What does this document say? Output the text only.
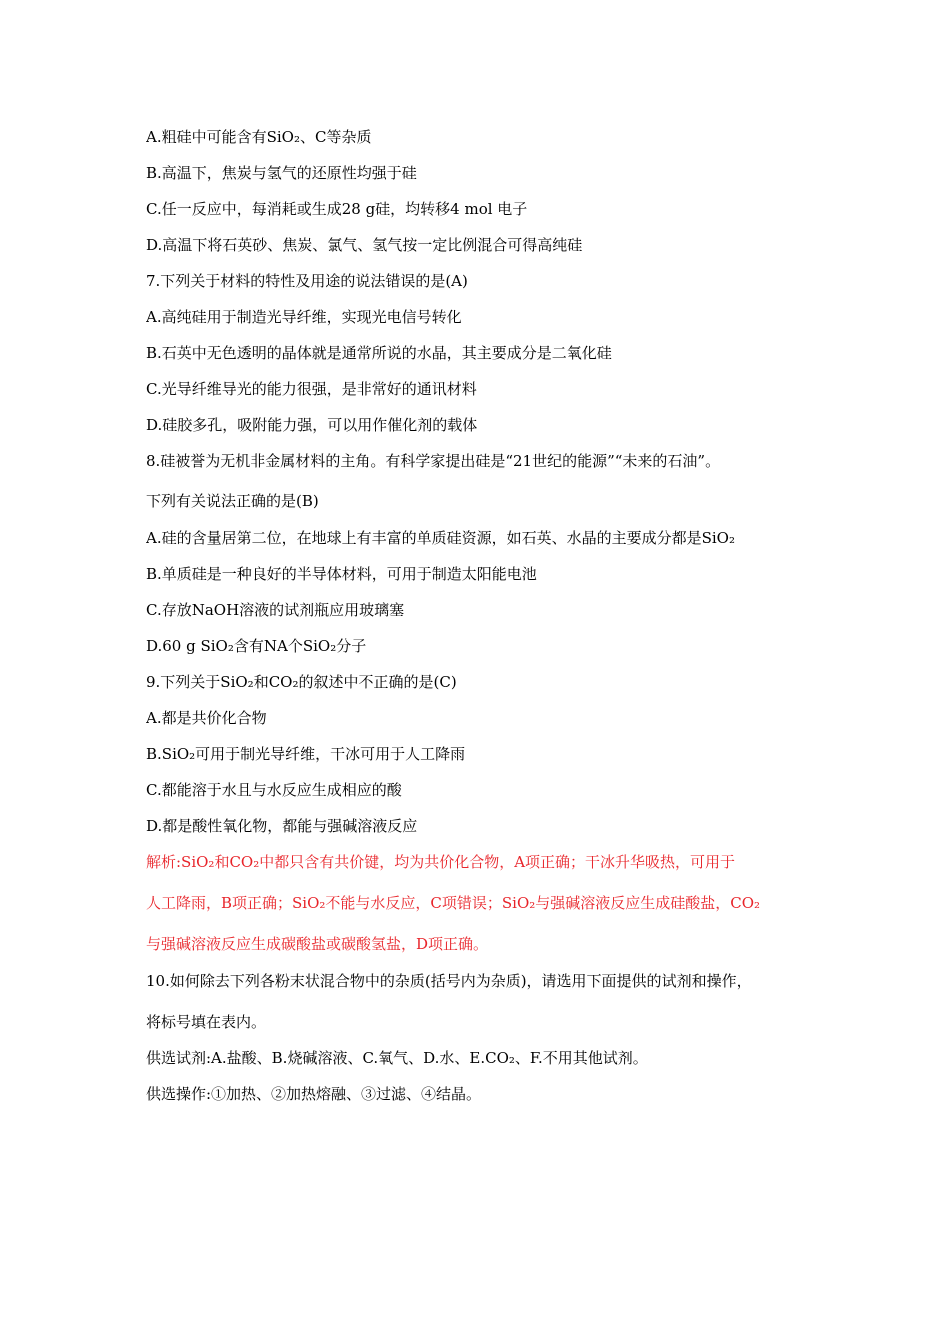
A.粗硅中可能含有SiO₂、C等杂质
B.高温下，焦炭与氢气的还原性均强于硅
C.任一反应中，每消耗或生成28 g硅，均转移4 mol 电子
D.高温下将石英砂、焦炭、氯气、氢气按一定比例混合可得高纯硅
7.下列关于材料的特性及用途的说法错误的是(A)
A.高纯硅用于制造光导纤维，实现光电信号转化
B.石英中无色透明的晶体就是通常所说的水晶，其主要成分是二氧化硅
C.光导纤维导光的能力很强，是非常好的通讯材料
D.硅胶多孔，吸附能力强，可以用作催化剂的载体
8.硅被誉为无机非金属材料的主角。有科学家提出硅是“21世纪的能源”“未来的石油”。
下列有关说法正确的是(B)
A.硅的含量居第二位，在地球上有丰富的单质硅资源，如石英、水晶的主要成分都是SiO₂
B.单质硅是一种良好的半导体材料，可用于制造太阳能电池
C.存放NaOH溶液的试剂瓶应用玻璃塞
D.60 g SiO₂含有NA个SiO₂分子
9.下列关于SiO₂和CO₂的叙述中不正确的是(C)
A.都是共价化合物
B.SiO₂可用于制光导纤维，干冰可用于人工降雨
C.都能溶于水且与水反应生成相应的酸
D.都是酸性氧化物，都能与强碱溶液反应
解析:SiO₂和CO₂中都只含有共价键，均为共价化合物，A项正确；干冰升华吸热，可用于
人工降雨，B项正确；SiO₂不能与水反应，C项错误；SiO₂与强碱溶液反应生成硅酸盐，CO₂
与强碱溶液反应生成碳酸盐或碳酸氢盐，D项正确。
10.如何除去下列各粉末状混合物中的杂质(括号内为杂质)，请选用下面提供的试剂和操作，
将标号填在表内。
供选试剂:A.盐酸、B.烧碱溶液、C.氧气、D.水、E.CO₂、F.不用其他试剂。
供选操作:①加热、②加热熔融、③过滤、④结晶。
